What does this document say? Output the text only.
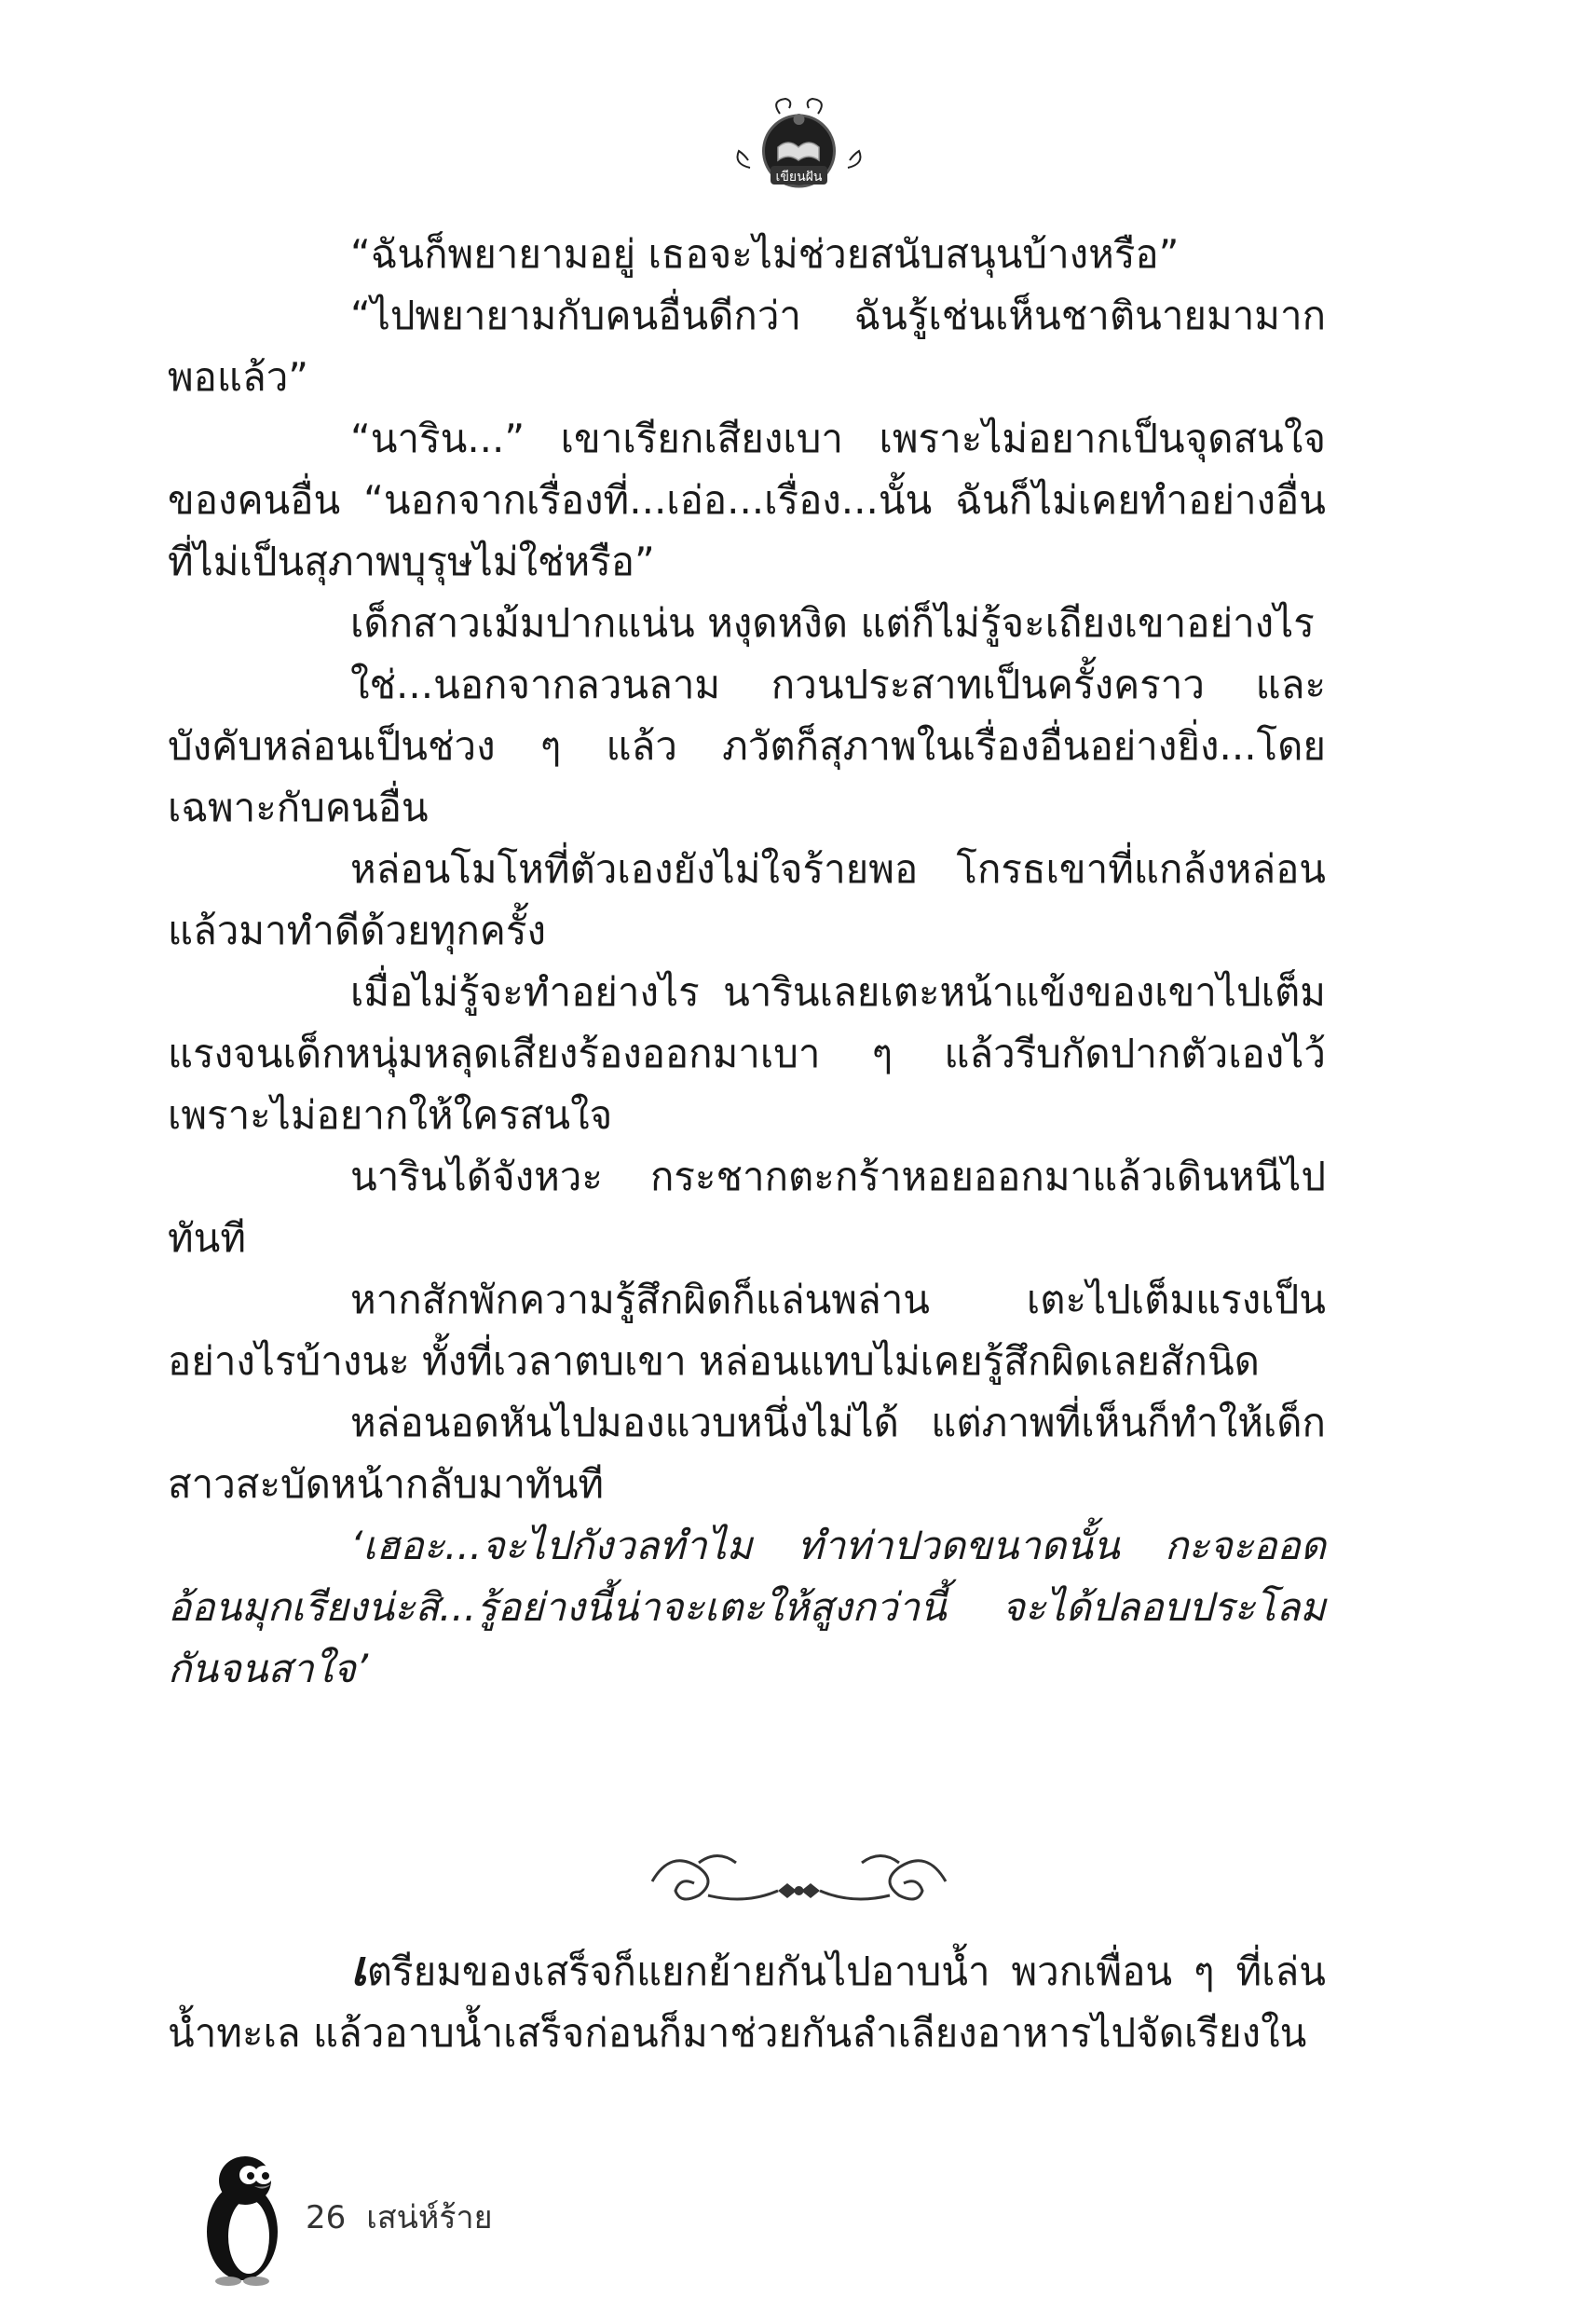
เขียนฝัน

“ฉันก็พยายามอยู่ เธอจะไม่ช่วยสนับสนุนบ้างหรือ”

“ไปพยายามกับคนอื่นดีกว่า ฉันรู้เช่นเห็นชาตินายมามากพอแล้ว”

“นาริน...” เขาเรียกเสียงเบา เพราะไม่อยากเป็นจุดสนใจของคนอื่น “นอกจากเรื่องที่...เอ่อ...เรื่อง...นั้น ฉันก็ไม่เคยทำอย่างอื่นที่ไม่เป็นสุภาพบุรุษไม่ใช่หรือ”

เด็กสาวเม้มปากแน่น หงุดหงิด แต่ก็ไม่รู้จะเถียงเขาอย่างไร

ใช่...นอกจากลวนลาม กวนประสาทเป็นครั้งคราว และบังคับหล่อนเป็นช่วง ๆ แล้ว ภวัตก็สุภาพในเรื่องอื่นอย่างยิ่ง...โดยเฉพาะกับคนอื่น

หล่อนโมโหที่ตัวเองยังไม่ใจร้ายพอ โกรธเขาที่แกล้งหล่อนแล้วมาทำดีด้วยทุกครั้ง

เมื่อไม่รู้จะทำอย่างไร นารินเลยเตะหน้าแข้งของเขาไปเต็มแรงจนเด็กหนุ่มหลุดเสียงร้องออกมาเบา ๆ แล้วรีบกัดปากตัวเองไว้เพราะไม่อยากให้ใครสนใจ

นารินได้จังหวะ กระชากตะกร้าหอยออกมาแล้วเดินหนีไปทันที

หากสักพักความรู้สึกผิดก็แล่นพล่าน เตะไปเต็มแรงเป็นอย่างไรบ้างนะ ทั้งที่เวลาตบเขา หล่อนแทบไม่เคยรู้สึกผิดเลยสักนิด

หล่อนอดหันไปมองแวบหนึ่งไม่ได้ แต่ภาพที่เห็นก็ทำให้เด็กสาวสะบัดหน้ากลับมาทันที

‘เฮอะ...จะไปกังวลทำไม ทำท่าปวดขนาดนั้น กะจะออดอ้อนมุกเรียงน่ะสิ...รู้อย่างนี้น่าจะเตะให้สูงกว่านี้ จะได้ปลอบประโลมกันจนสาใจ’

เตรียมของเสร็จก็แยกย้ายกันไปอาบน้ำ พวกเพื่อน ๆ ที่เล่นน้ำทะเล แล้วอาบน้ำเสร็จก่อนก็มาช่วยกันลำเลียงอาหารไปจัดเรียงใน

26 เสน่ห์ร้าย
